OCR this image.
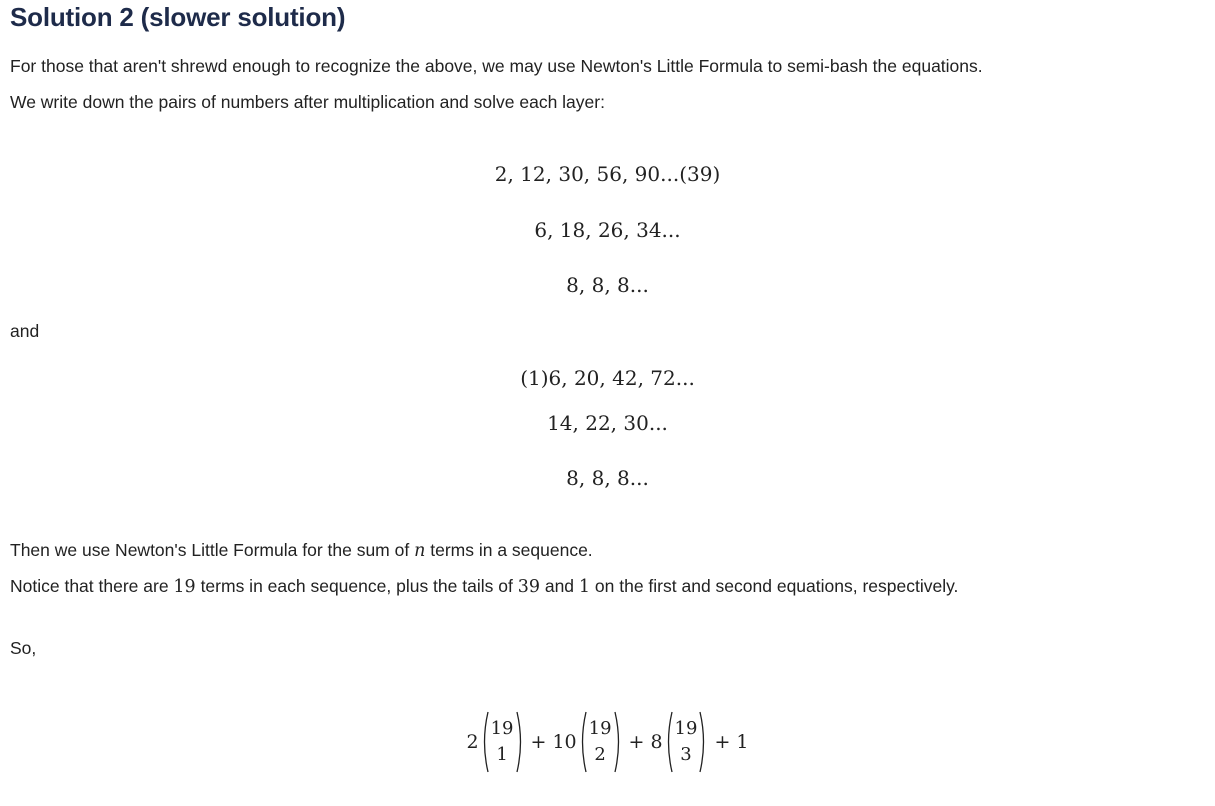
Solution 2 (slower solution)

For those that aren't shrewd enough to recognize the above, we may use Newton's Little Formula to semi-bash the equations.

We write down the pairs of numbers after multiplication and solve each layer:

2, 12, 30, 56, 90...(39)

6, 18, 26, 34...

8, 8, 8...

and

(1)6, 20, 42, 72...

14, 22, 30...

8, 8, 8...

Then we use Newton's Little Formula for the sum of n terms in a sequence.

Notice that there are 19 terms in each sequence, plus the tails of 39 and 1 on the first and second equations, respectively.

So,

2
19
1
+ 10
19
2
+ 8
19
3
+ 1
